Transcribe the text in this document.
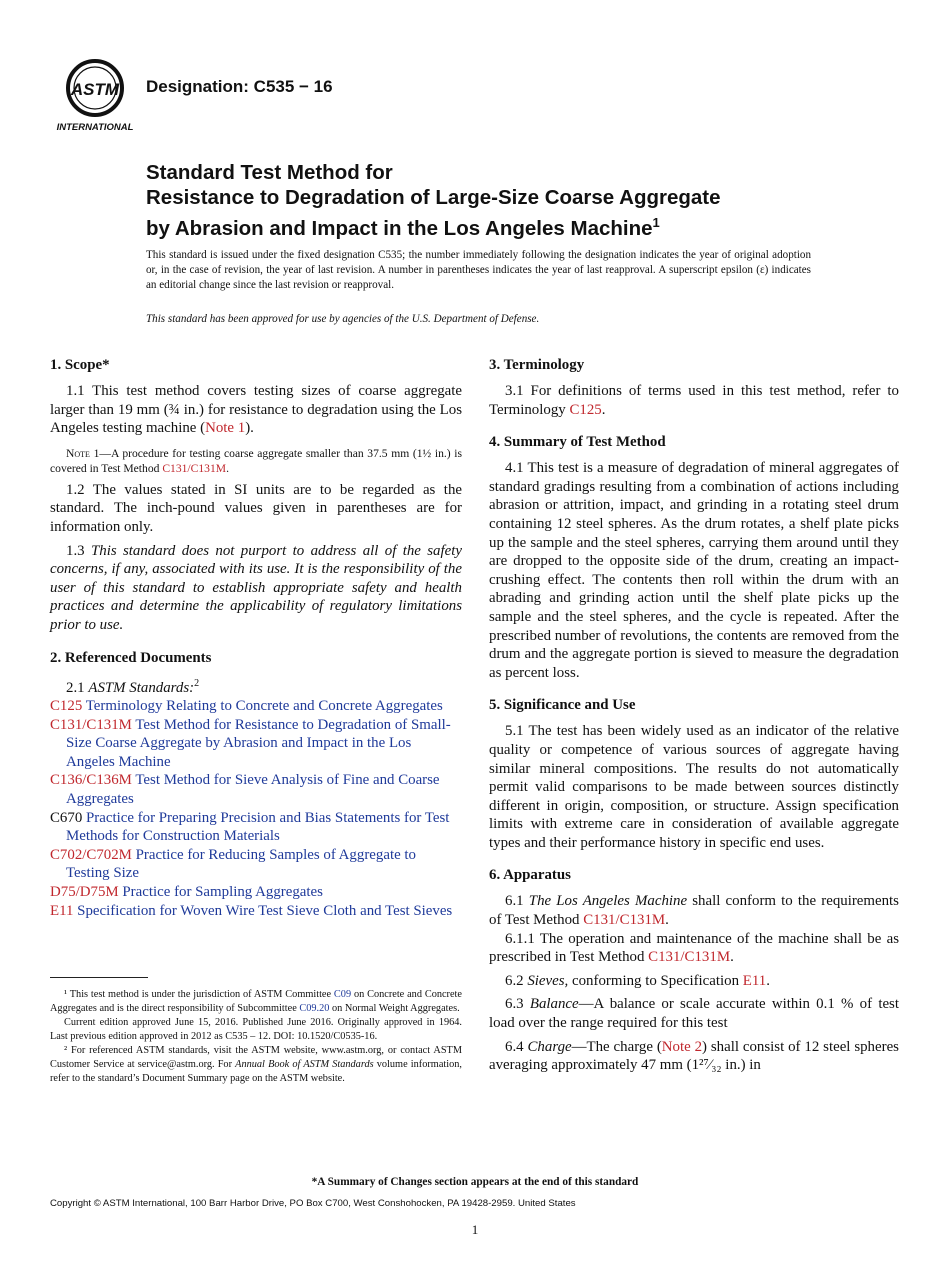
ASTM
INTERNATIONAL
Designation: C535 − 16
Standard Test Method for
Resistance to Degradation of Large-Size Coarse Aggregate
by Abrasion and Impact in the Los Angeles Machine$^1$
This standard is issued under the fixed designation C535; the number immediately following the designation indicates the year of original adoption or, in the case of revision, the year of last revision. A number in parentheses indicates the year of last reapproval. A superscript epsilon (ε) indicates an editorial change since the last revision or reapproval.
This standard has been approved for use by agencies of the U.S. Department of Defense.
1. Scope*

1.1 This test method covers testing sizes of coarse aggregate larger than 19 mm (¾ in.) for resistance to degradation using the Los Angeles testing machine (Note 1).

Note 1—A procedure for testing coarse aggregate smaller than 37.5 mm (1½ in.) is covered in Test Method C131/C131M.

1.2 The values stated in SI units are to be regarded as the standard. The inch-pound values given in parentheses are for information only.

1.3 This standard does not purport to address all of the safety concerns, if any, associated with its use. It is the responsibility of the user of this standard to establish appropriate safety and health practices and determine the applicability of regulatory limitations prior to use.

2. Referenced Documents

2.1 ASTM Standards:$^2$

C125 Terminology Relating to Concrete and Concrete Aggregates

C131/C131M Test Method for Resistance to Degradation of Small-Size Coarse Aggregate by Abrasion and Impact in the Los Angeles Machine

C136/C136M Test Method for Sieve Analysis of Fine and Coarse Aggregates

C670 Practice for Preparing Precision and Bias Statements for Test Methods for Construction Materials

C702/C702M Practice for Reducing Samples of Aggregate to Testing Size

D75/D75M Practice for Sampling Aggregates

E11 Specification for Woven Wire Test Sieve Cloth and Test Sieves

¹ This test method is under the jurisdiction of ASTM Committee C09 on Concrete and Concrete Aggregates and is the direct responsibility of Subcommittee C09.20 on Normal Weight Aggregates.

Current edition approved June 15, 2016. Published June 2016. Originally approved in 1964. Last previous edition approved in 2012 as C535 – 12. DOI: 10.1520/C0535-16.

² For referenced ASTM standards, visit the ASTM website, www.astm.org, or contact ASTM Customer Service at service@astm.org. For Annual Book of ASTM Standards volume information, refer to the standard’s Document Summary page on the ASTM website.

3. Terminology

3.1 For definitions of terms used in this test method, refer to Terminology C125.

4. Summary of Test Method

4.1 This test is a measure of degradation of mineral aggregates of standard gradings resulting from a combination of actions including abrasion or attrition, impact, and grinding in a rotating steel drum containing 12 steel spheres. As the drum rotates, a shelf plate picks up the sample and the steel spheres, carrying them around until they are dropped to the opposite side of the drum, creating an impact-crushing effect. The contents then roll within the drum with an abrading and grinding action until the shelf plate picks up the sample and the steel spheres, and the cycle is repeated. After the prescribed number of revolutions, the contents are removed from the drum and the aggregate portion is sieved to measure the degradation as percent loss.

5. Significance and Use

5.1 The test has been widely used as an indicator of the relative quality or competence of various sources of aggregate having similar mineral compositions. The results do not automatically permit valid comparisons to be made between sources distinctly different in origin, composition, or structure. Assign specification limits with extreme care in consideration of available aggregate types and their performance history in specific end uses.

6. Apparatus

6.1 The Los Angeles Machine shall conform to the requirements of Test Method C131/C131M.

6.1.1 The operation and maintenance of the machine shall be as prescribed in Test Method C131/C131M.

6.2 Sieves, conforming to Specification E11.

6.3 Balance—A balance or scale accurate within 0.1 % of test load over the range required for this test

6.4 Charge—The charge (Note 2) shall consist of 12 steel spheres averaging approximately 47 mm (1²⁷⁄₃₂ in.) in

*A Summary of Changes section appears at the end of this standard
Copyright © ASTM International, 100 Barr Harbor Drive, PO Box C700, West Conshohocken, PA 19428-2959. United States
1
